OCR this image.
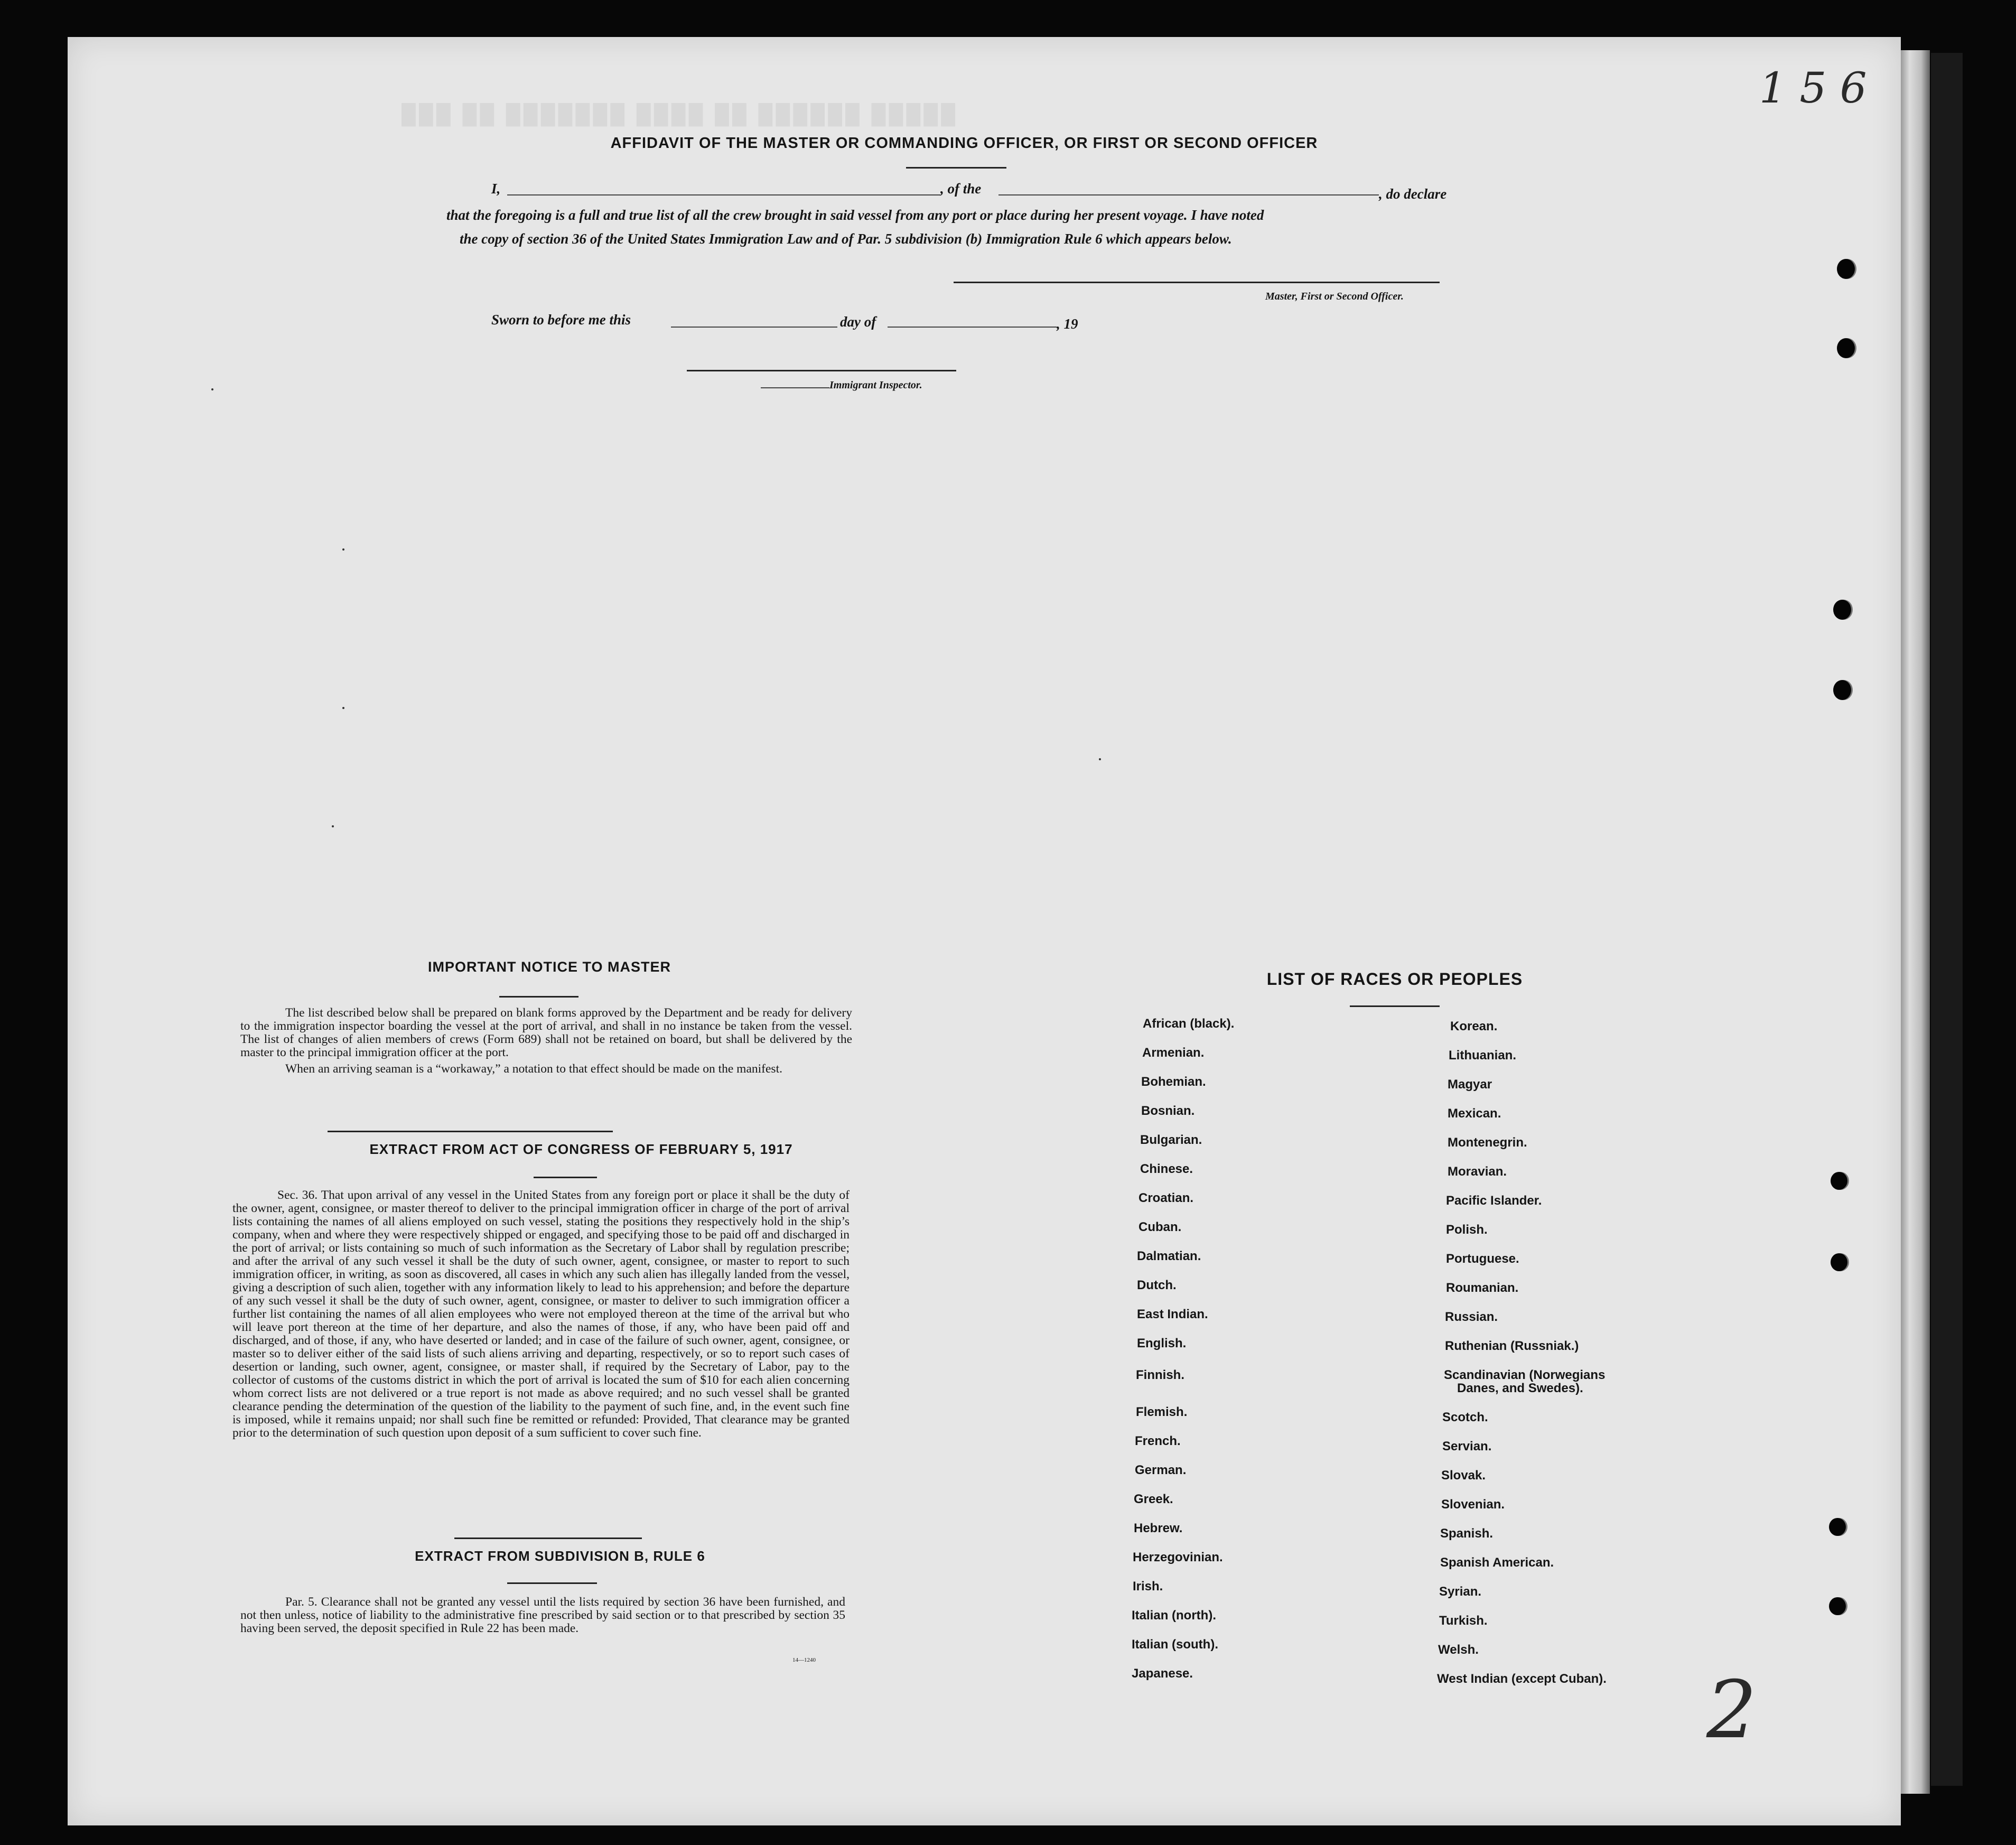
███ ██ ███████ ████ ██ ██████ █████
AFFIDAVIT OF THE MASTER OR COMMANDING OFFICER, OR FIRST OR SECOND OFFICER
I,	, of the	, do declare
that the foregoing is a full and true list of all the crew brought in said vessel from any port or place during her present voyage. I have noted
the copy of section 36 of the United States Immigration Law and of Par. 5 subdivision (b) Immigration Rule 6 which appears below.
Master, First or Second Officer.
Sworn to before me this	day of	, 19
Immigrant Inspector.
IMPORTANT NOTICE TO MASTER

The list described below shall be prepared on blank forms approved by the Department and be ready for delivery to the immigration inspector boarding the vessel at the port of arrival, and shall in no instance be taken from the vessel. The list of changes of alien members of crews (Form 689) shall not be retained on board, but shall be delivered by the master to the principal immigration officer at the port.

When an arriving seaman is a “workaway,” a notation to that effect should be made on the manifest.

EXTRACT FROM ACT OF CONGRESS OF FEBRUARY 5, 1917

Sec. 36. That upon arrival of any vessel in the United States from any foreign port or place it shall be the duty of the owner, agent, consignee, or master thereof to deliver to the principal immigration officer in charge of the port of arrival lists containing the names of all aliens employed on such vessel, stating the positions they respectively hold in the ship’s company, when and where they were respectively shipped or engaged, and specifying those to be paid off and discharged in the port of arrival; or lists containing so much of such information as the Secretary of Labor shall by regulation prescribe; and after the arrival of any such vessel it shall be the duty of such owner, agent, consignee, or master to report to such immigration officer, in writing, as soon as discovered, all cases in which any such alien has illegally landed from the vessel, giving a description of such alien, together with any information likely to lead to his apprehension; and before the departure of any such vessel it shall be the duty of such owner, agent, consignee, or master to deliver to such immigration officer a further list containing the names of all alien employees who were not employed thereon at the time of the arrival but who will leave port thereon at the time of her departure, and also the names of those, if any, who have been paid off and discharged, and of those, if any, who have deserted or landed; and in case of the failure of such owner, agent, consignee, or master so to deliver either of the said lists of such aliens arriving and departing, respectively, or so to report such cases of desertion or landing, such owner, agent, consignee, or master shall, if required by the Secretary of Labor, pay to the collector of customs of the customs district in which the port of arrival is located the sum of $10 for each alien concerning whom correct lists are not delivered or a true report is not made as above required; and no such vessel shall be granted clearance pending the determination of the question of the liability to the payment of such fine, and, in the event such fine is imposed, while it remains unpaid; nor shall such fine be remitted or refunded: Provided, That clearance may be granted prior to the determination of such question upon deposit of a sum sufficient to cover such fine.

EXTRACT FROM SUBDIVISION B, RULE 6

Par. 5. Clearance shall not be granted any vessel until the lists required by section 36 have been furnished, and not then unless, notice of liability to the administrative fine prescribed by said section or to that prescribed by section 35 having been served, the deposit specified in Rule 22 has been made.

14—1240
LIST OF RACES OR PEOPLES
African (black).
Armenian.
Bohemian.
Bosnian.
Bulgarian.
Chinese.
Croatian.
Cuban.
Dalmatian.
Dutch.
East Indian.
English.
Finnish.
Flemish.
French.
German.
Greek.
Hebrew.
Herzegovinian.
Irish.
Italian (north).
Italian (south).
Japanese.
Korean.
Lithuanian.
Magyar
Mexican.
Montenegrin.
Moravian.
Pacific Islander.
Polish.
Portuguese.
Roumanian.
Russian.
Ruthenian (Russniak.)
Scandinavian (Norwegians
Danes, and Swedes).
Scotch.
Servian.
Slovak.
Slovenian.
Spanish.
Spanish American.
Syrian.
Turkish.
Welsh.
West Indian (except Cuban).
1 5 6
2
